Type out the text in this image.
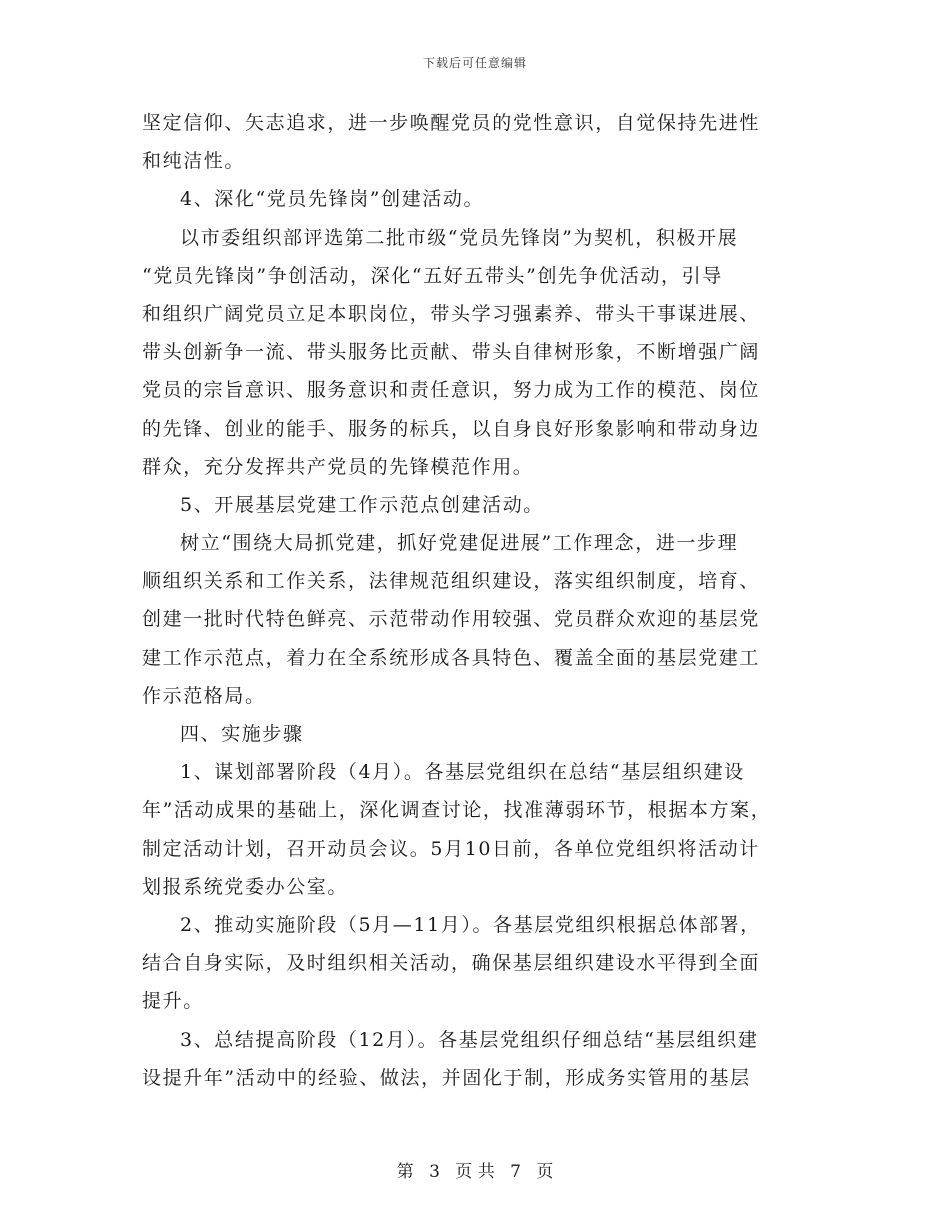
下载后可任意编辑
坚定信仰、矢志追求，进一步唤醒党员的党性意识，自觉保持先进性
和纯洁性。
4、深化“党员先锋岗”创建活动。
以市委组织部评选第二批市级“党员先锋岗”为契机，积极开展
“党员先锋岗”争创活动，深化“五好五带头”创先争优活动，引导
和组织广阔党员立足本职岗位，带头学习强素养、带头干事谋进展、
带头创新争一流、带头服务比贡献、带头自律树形象，不断增强广阔
党员的宗旨意识、服务意识和责任意识，努力成为工作的模范、岗位
的先锋、创业的能手、服务的标兵，以自身良好形象影响和带动身边
群众，充分发挥共产党员的先锋模范作用。
5、开展基层党建工作示范点创建活动。
树立“围绕大局抓党建，抓好党建促进展”工作理念，进一步理
顺组织关系和工作关系，法律规范组织建设，落实组织制度，培育、
创建一批时代特色鲜亮、示范带动作用较强、党员群众欢迎的基层党
建工作示范点，着力在全系统形成各具特色、覆盖全面的基层党建工
作示范格局。
四、实施步骤
1、谋划部署阶段（4月）。各基层党组织在总结“基层组织建设
年”活动成果的基础上，深化调查讨论，找准薄弱环节，根据本方案，
制定活动计划，召开动员会议。5月10日前，各单位党组织将活动计
划报系统党委办公室。
2、推动实施阶段（5月—11月）。各基层党组织根据总体部署，
结合自身实际，及时组织相关活动，确保基层组织建设水平得到全面
提升。
3、总结提高阶段（12月）。各基层党组织仔细总结“基层组织建
设提升年”活动中的经验、做法，并固化于制，形成务实管用的基层
第 3 页 共 7 页
